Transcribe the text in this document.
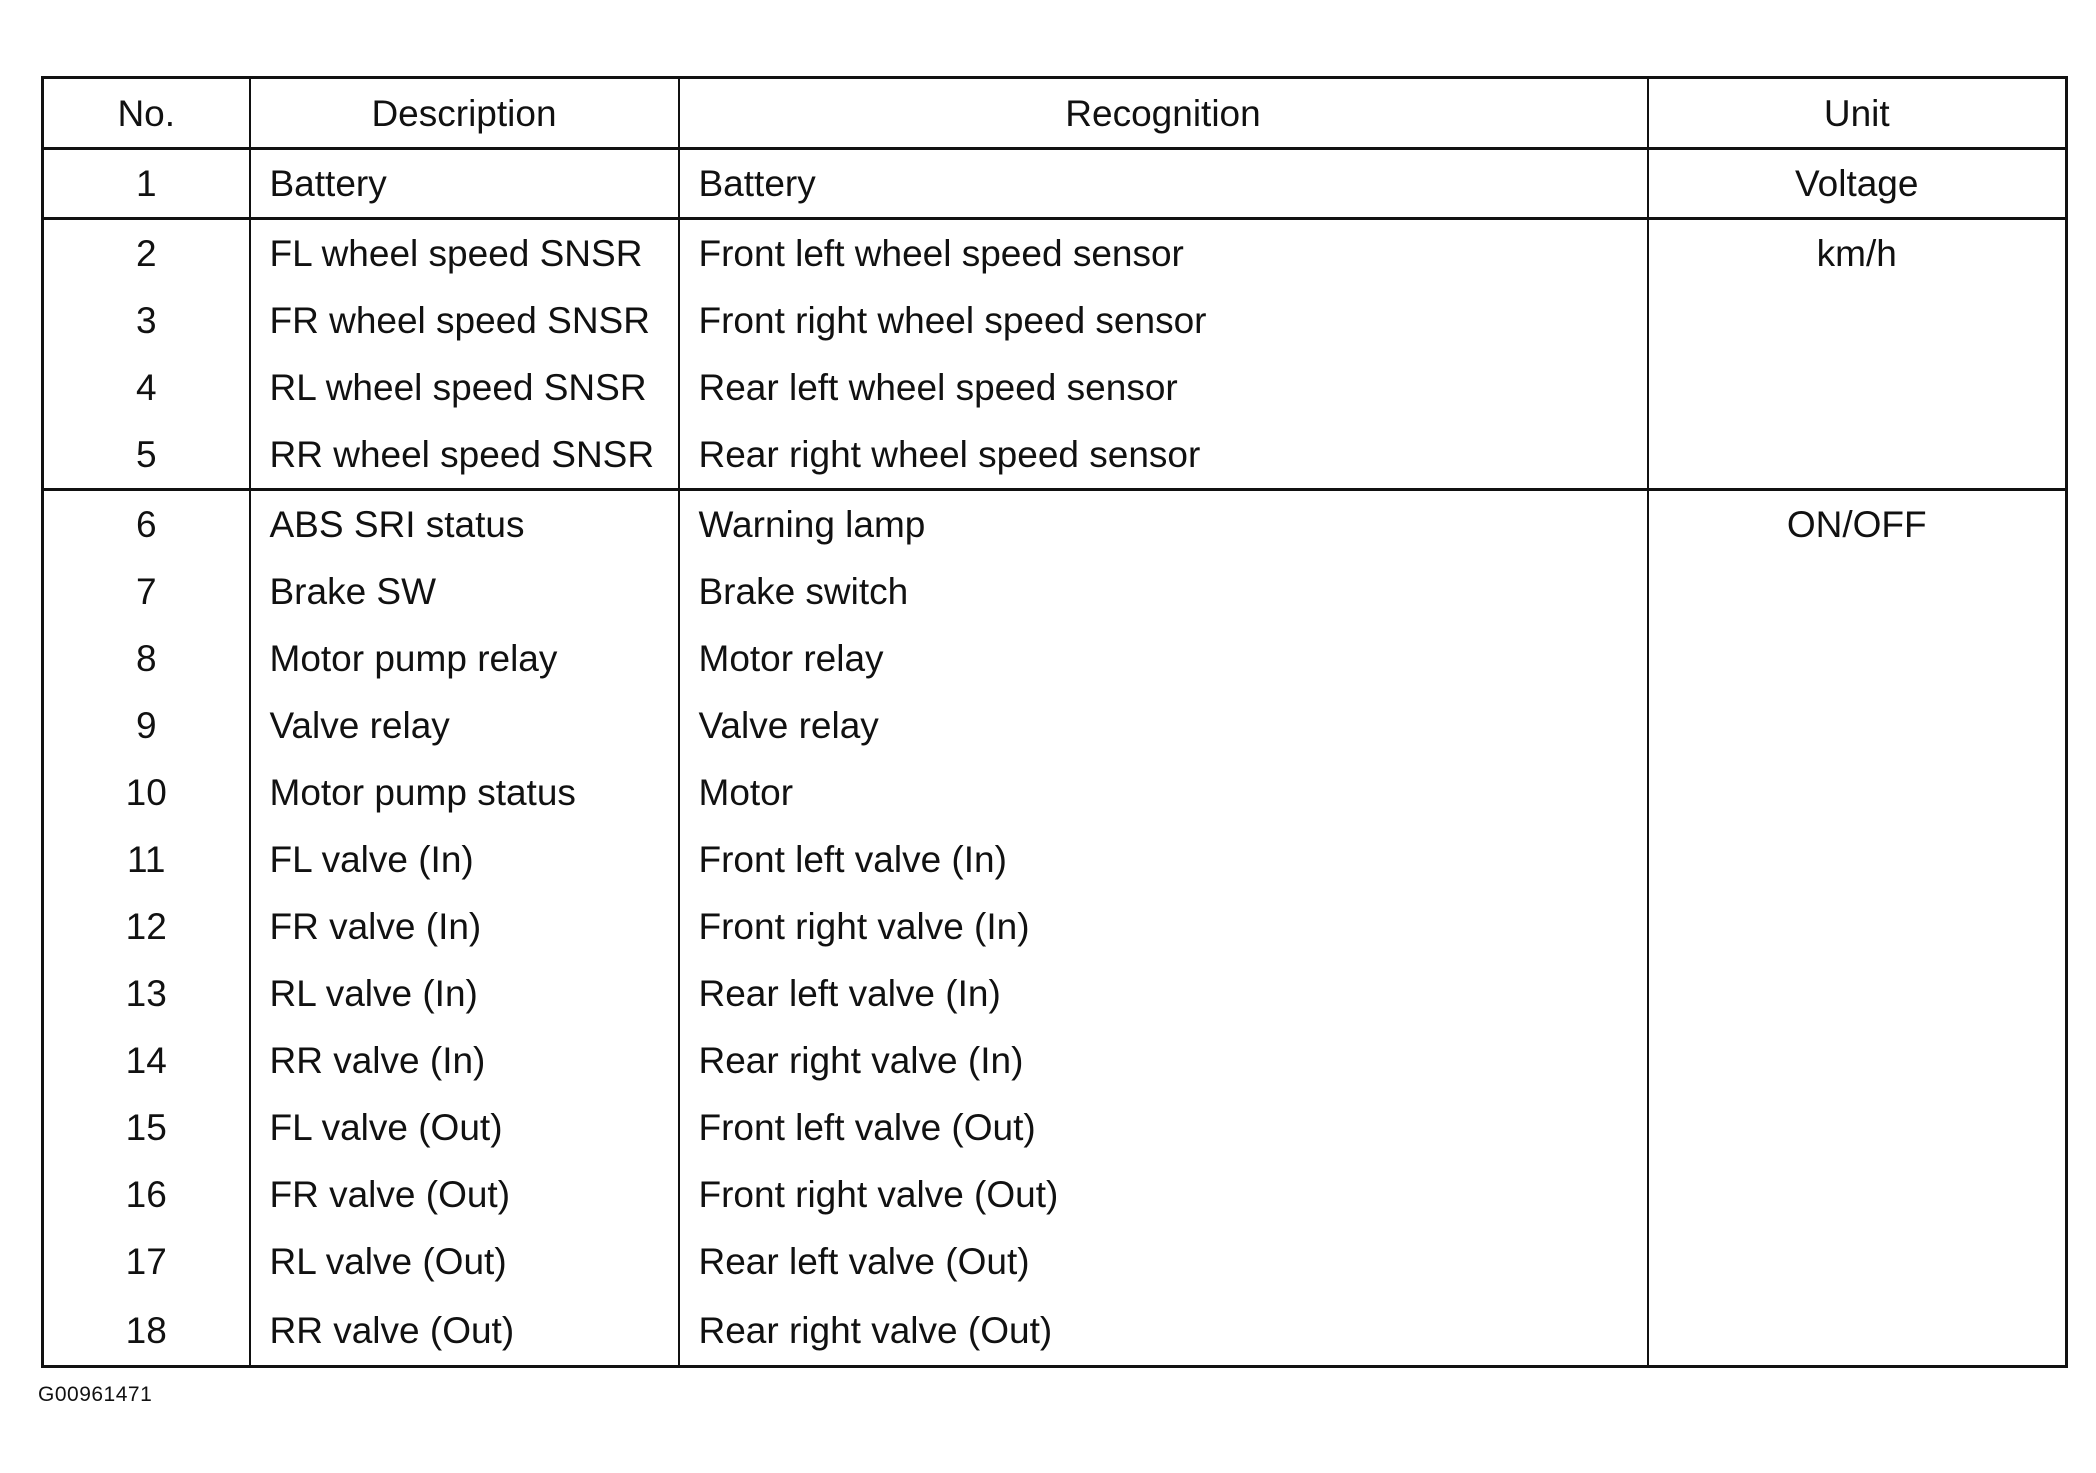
No.	Description	Recognition	Unit
1	Battery	Battery	Voltage
2	FL wheel speed SNSR	Front left wheel speed sensor	km/h
3	FR wheel speed SNSR	Front right wheel speed sensor	
4	RL wheel speed SNSR	Rear left wheel speed sensor	
5	RR wheel speed SNSR	Rear right wheel speed sensor	
6	ABS SRI status	Warning lamp	ON/OFF
7	Brake SW	Brake switch	
8	Motor pump relay	Motor relay	
9	Valve relay	Valve relay	
10	Motor pump status	Motor	
11	FL valve (In)	Front left valve (In)	
12	FR valve (In)	Front right valve (In)	
13	RL valve (In)	Rear left valve (In)	
14	RR valve (In)	Rear right valve (In)	
15	FL valve (Out)	Front left valve (Out)	
16	FR valve (Out)	Front right valve (Out)	
17	RL valve (Out)	Rear left valve (Out)	
18	RR valve (Out)	Rear right valve (Out)	
G00961471
